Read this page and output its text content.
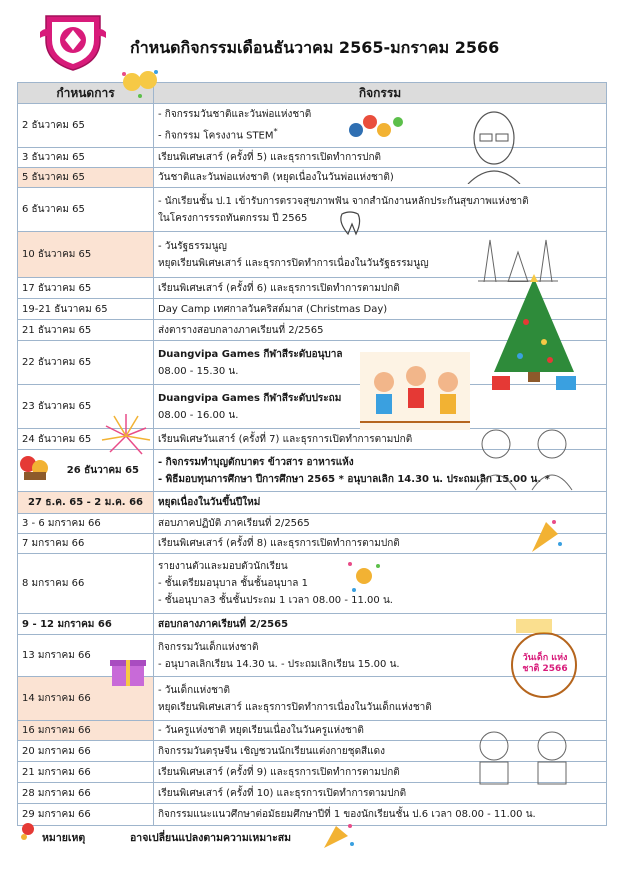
กำหนดกิจกรรมเดือนธันวาคม 2565-มกราคม 2566
กำหนดการ	กิจกรรม
2 ธันวาคม 65	- กิจกรรมวันชาติและวันพ่อแห่งชาติ
- กิจกรรม โครงงาน STEM*

3 ธันวาคม 65	เรียนพิเศษเสาร์ (ครั้งที่ 5) และธุรการเปิดทำการปกติ
5 ธันวาคม 65	วันชาติและวันพ่อแห่งชาติ (หยุดเนื่องในวันพ่อแห่งชาติ)
6 ธันวาคม 65	- นักเรียนชั้น ป.1 เข้ารับการตรวจสุขภาพฟัน จากสำนักงานหลักประกันสุขภาพแห่งชาติ
ในโครงการรรถทันตกรรม ปี 2565

10 ธันวาคม 65	- วันรัฐธรรมนูญ
หยุดเรียนพิเศษเสาร์ และธุรการปิดทำการเนื่องในวันรัฐธรรมนูญ

17 ธันวาคม 65	เรียนพิเศษเสาร์ (ครั้งที่ 6) และธุรการเปิดทำการตามปกติ
19-21 ธันวาคม 65	Day Camp เทศกาลวันคริสต์มาส (Christmas Day)
21 ธันวาคม 65	ส่งตารางสอบกลางภาคเรียนที่ 2/2565
22 ธันวาคม 65	Duangvipa Games กีฬาสีระดับอนุบาล
08.00 - 15.30 น.

23 ธันวาคม 65	Duangvipa Games กีฬาสีระดับประถม
08.00 - 16.00 น.

24 ธันวาคม 65	เรียนพิเศษวันเสาร์ (ครั้งที่ 7) และธุรการเปิดทำการตามปกติ
26 ธันวาคม 65	- กิจกรรมทำบุญตักบาตร ข้าวสาร อาหารแห้ง
- พิธีมอบทุนการศึกษา ปีการศึกษา 2565 * อนุบาลเลิก 14.30 น. ประถมเลิก 15.00 น. *

27 ธ.ค. 65 - 2 ม.ค. 66	หยุดเนื่องในวันขึ้นปีใหม่
3 - 6 มกราคม 66	สอบภาคปฏิบัติ ภาคเรียนที่ 2/2565
7 มกราคม 66	เรียนพิเศษเสาร์ (ครั้งที่ 8) และธุรการเปิดทำการตามปกติ
8 มกราคม 66	รายงานตัวและมอบตัวนักเรียน
- ชั้นเตรียมอนุบาล ชั้นชั้นอนุบาล 1
- ชั้นอนุบาล3 ชั้นชั้นประถม 1 เวลา 08.00 - 11.00 น.

9 - 12 มกราคม 66	สอบกลางภาคเรียนที่ 2/2565
13 มกราคม 66	กิจกรรมวันเด็กแห่งชาติ
- อนุบาลเลิกเรียน 14.30 น. - ประถมเลิกเรียน 15.00 น.

14 มกราคม 66	- วันเด็กแห่งชาติ
หยุดเรียนพิเศษเสาร์ และธุรการปิดทำการเนื่องในวันเด็กแห่งชาติ

16 มกราคม 66	- วันครูแห่งชาติ หยุดเรียนเนื่องในวันครูแห่งชาติ
20 มกราคม 66	กิจกรรมวันตรุษจีน เชิญชวนนักเรียนแต่งกายชุดสีแดง
21 มกราคม 66	เรียนพิเศษเสาร์ (ครั้งที่ 9) และธุรการเปิดทำการตามปกติ
28 มกราคม 66	เรียนพิเศษเสาร์ (ครั้งที่ 10) และธุรการเปิดทำการตามปกติ
29 มกราคม 66	กิจกรรมแนะแนวศึกษาต่อมัธยมศึกษาปีที่ 1 ของนักเรียนชั้น ป.6 เวลา 08.00 - 11.00 น.
วันเด็ก แห่งชาติ 2566
หมายเหตุ	อาจเปลี่ยนแปลงตามความเหมาะสม
